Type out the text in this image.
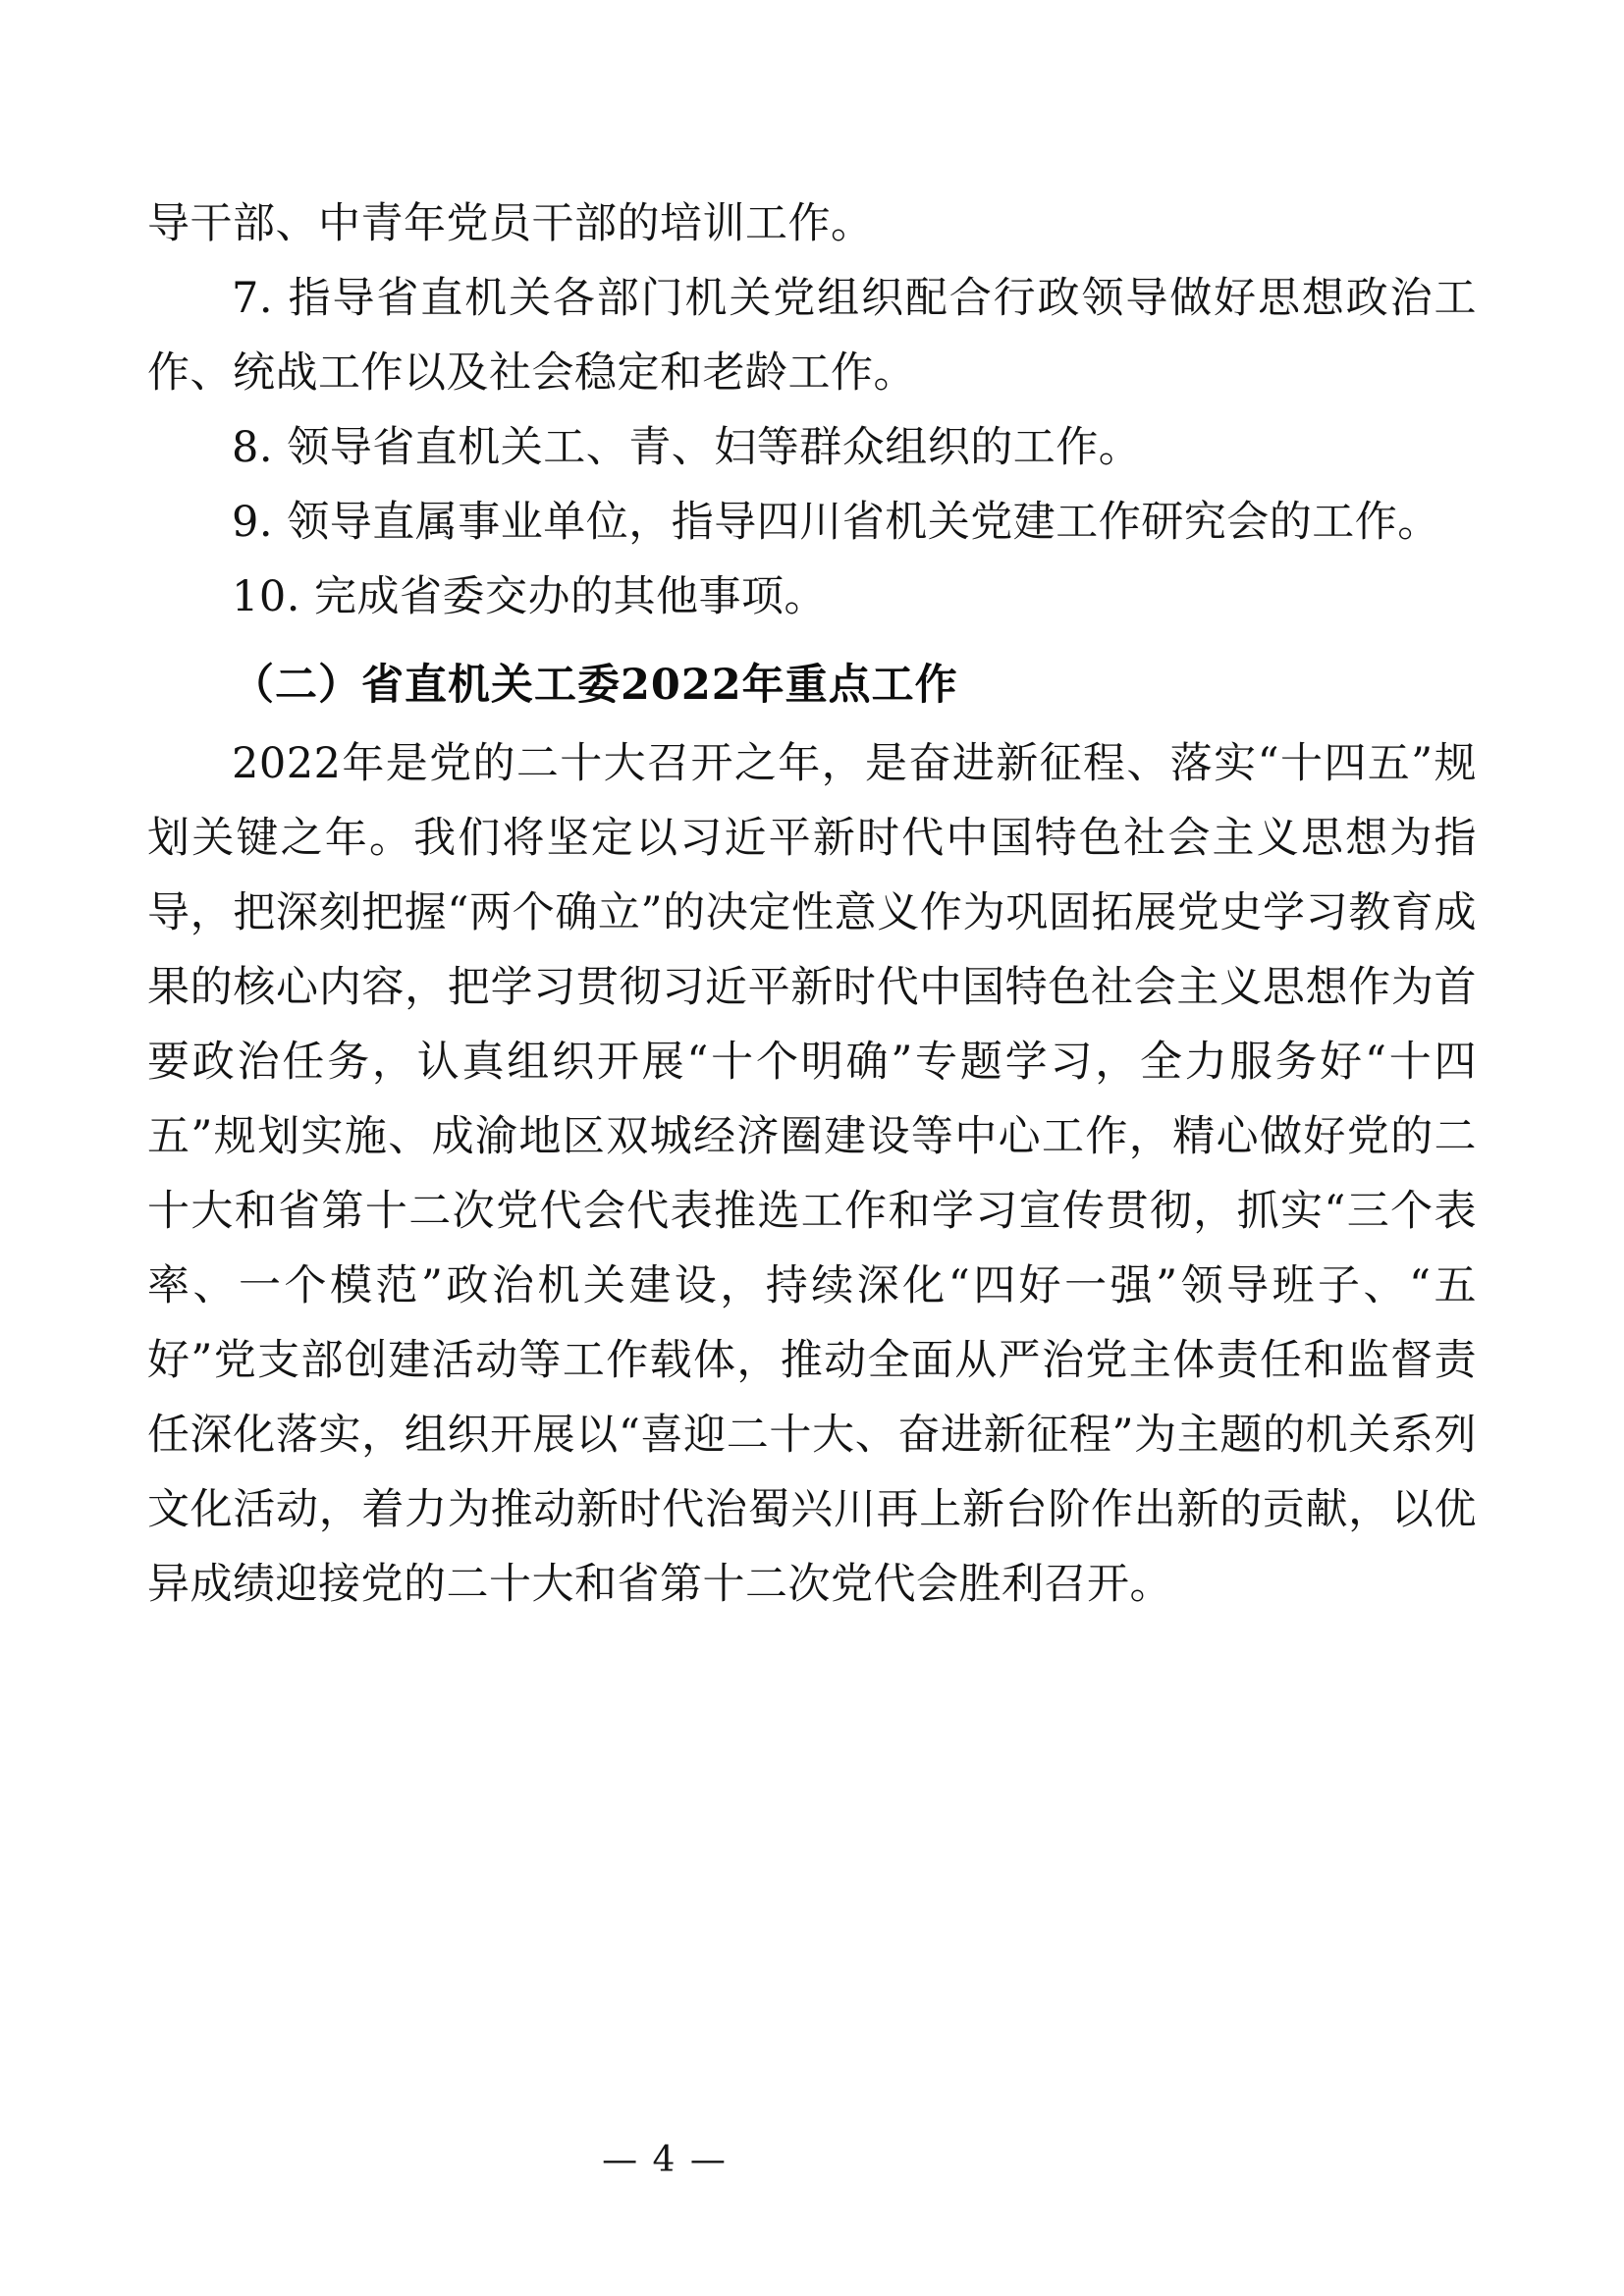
导干部、中青年党员干部的培训工作。

7. 指导省直机关各部门机关党组织配合行政领导做好思想政治工作、统战工作以及社会稳定和老龄工作。

8. 领导省直机关工、青、妇等群众组织的工作。

9. 领导直属事业单位，指导四川省机关党建工作研究会的工作。

10. 完成省委交办的其他事项。

（二）省直机关工委2022年重点工作

2022年是党的二十大召开之年，是奋进新征程、落实“十四五”规划关键之年。我们将坚定以习近平新时代中国特色社会主义思想为指导，把深刻把握“两个确立”的决定性意义作为巩固拓展党史学习教育成果的核心内容，把学习贯彻习近平新时代中国特色社会主义思想作为首要政治任务，认真组织开展“十个明确”专题学习，全力服务好“十四五”规划实施、成渝地区双城经济圈建设等中心工作，精心做好党的二十大和省第十二次党代会代表推选工作和学习宣传贯彻，抓实“三个表率、一个模范”政治机关建设，持续深化“四好一强”领导班子、“五好”党支部创建活动等工作载体，推动全面从严治党主体责任和监督责任深化落实，组织开展以“喜迎二十大、奋进新征程”为主题的机关系列文化活动，着力为推动新时代治蜀兴川再上新台阶作出新的贡献，以优异成绩迎接党的二十大和省第十二次党代会胜利召开。

— 4 —
